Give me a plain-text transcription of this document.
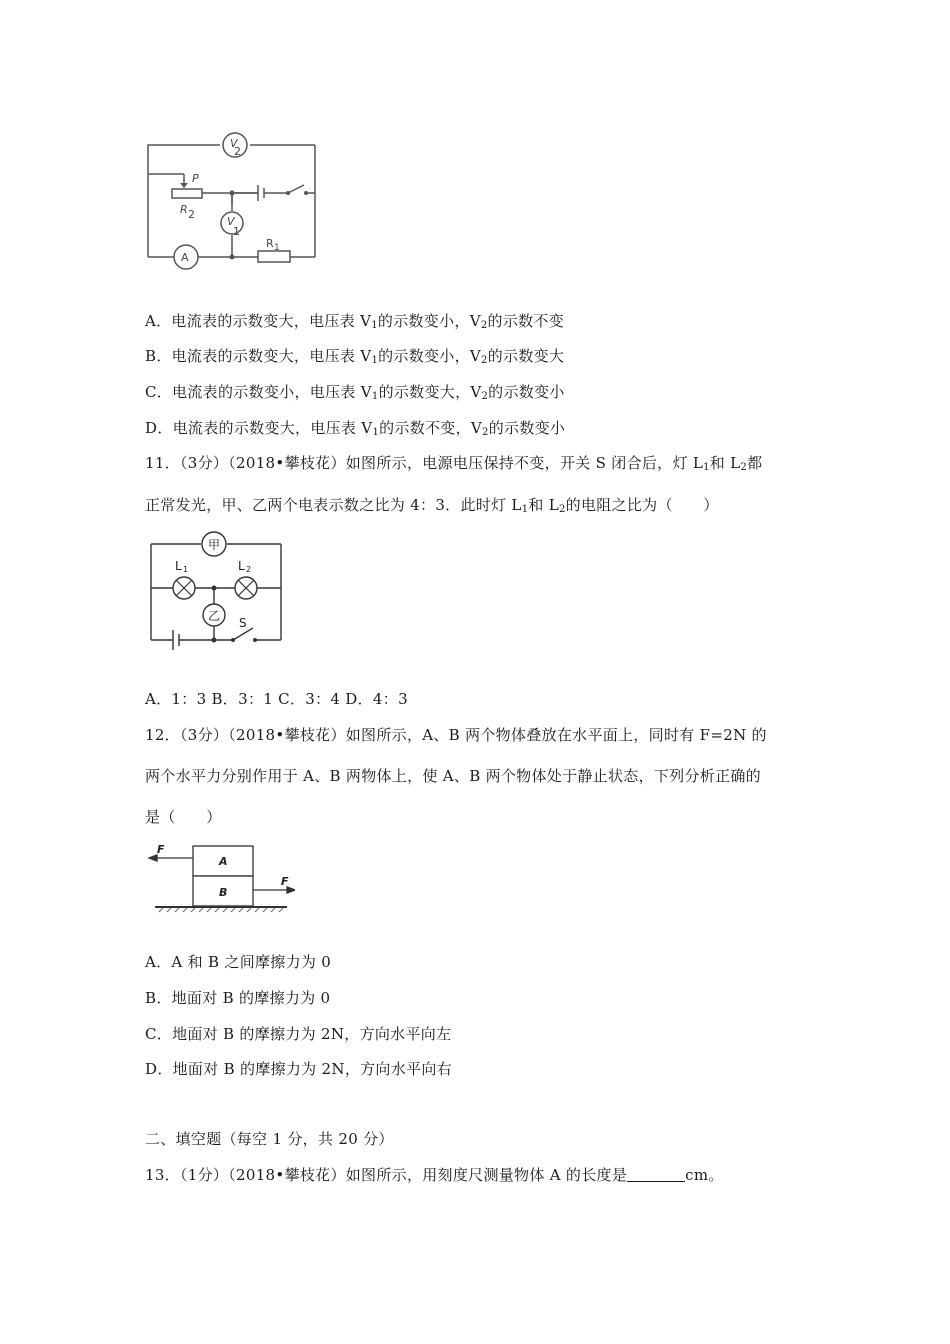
V
2
V
1
A
P
R 2
R 1
A．电流表的示数变大，电压表 $V_1$的示数变小，$V_2$的示数不变
B．电流表的示数变大，电压表 $V_1$的示数变小，$V_2$的示数变大
C．电流表的示数变小，电压表 $V_1$的示数变大，$V_2$的示数变小
D．电流表的示数变大，电压表 $V_1$的示数不变，$V_2$的示数变小
11．（3分）（2018•攀枝花）如图所示，电源电压保持不变，开关 S 闭合后，灯 $L_1$和 $L_2$都
正常发光，甲、乙两个电表示数之比为 4：3．此时灯 $L_1$和 $L_2$的电阻之比为（　　）
甲
乙
L 1	L 2
S
A．1：3 B．3：1 C．3：4 D．4：3
12．（3分）（2018•攀枝花）如图所示，A、B 两个物体叠放在水平面上，同时有 F=2N 的
两个水平力分别作用于 A、B 两物体上，使 A、B 两个物体处于静止状态，下列分析正确的
是（　　）
A
B
F
F
A．A 和 B 之间摩擦力为 0
B．地面对 B 的摩擦力为 0
C．地面对 B 的摩擦力为 2N，方向水平向左
D．地面对 B 的摩擦力为 2N，方向水平向右
二、填空题（每空 1 分，共 20 分）
13．（1分）（2018•攀枝花）如图所示，用刻度尺测量物体 A 的长度是	cm。
